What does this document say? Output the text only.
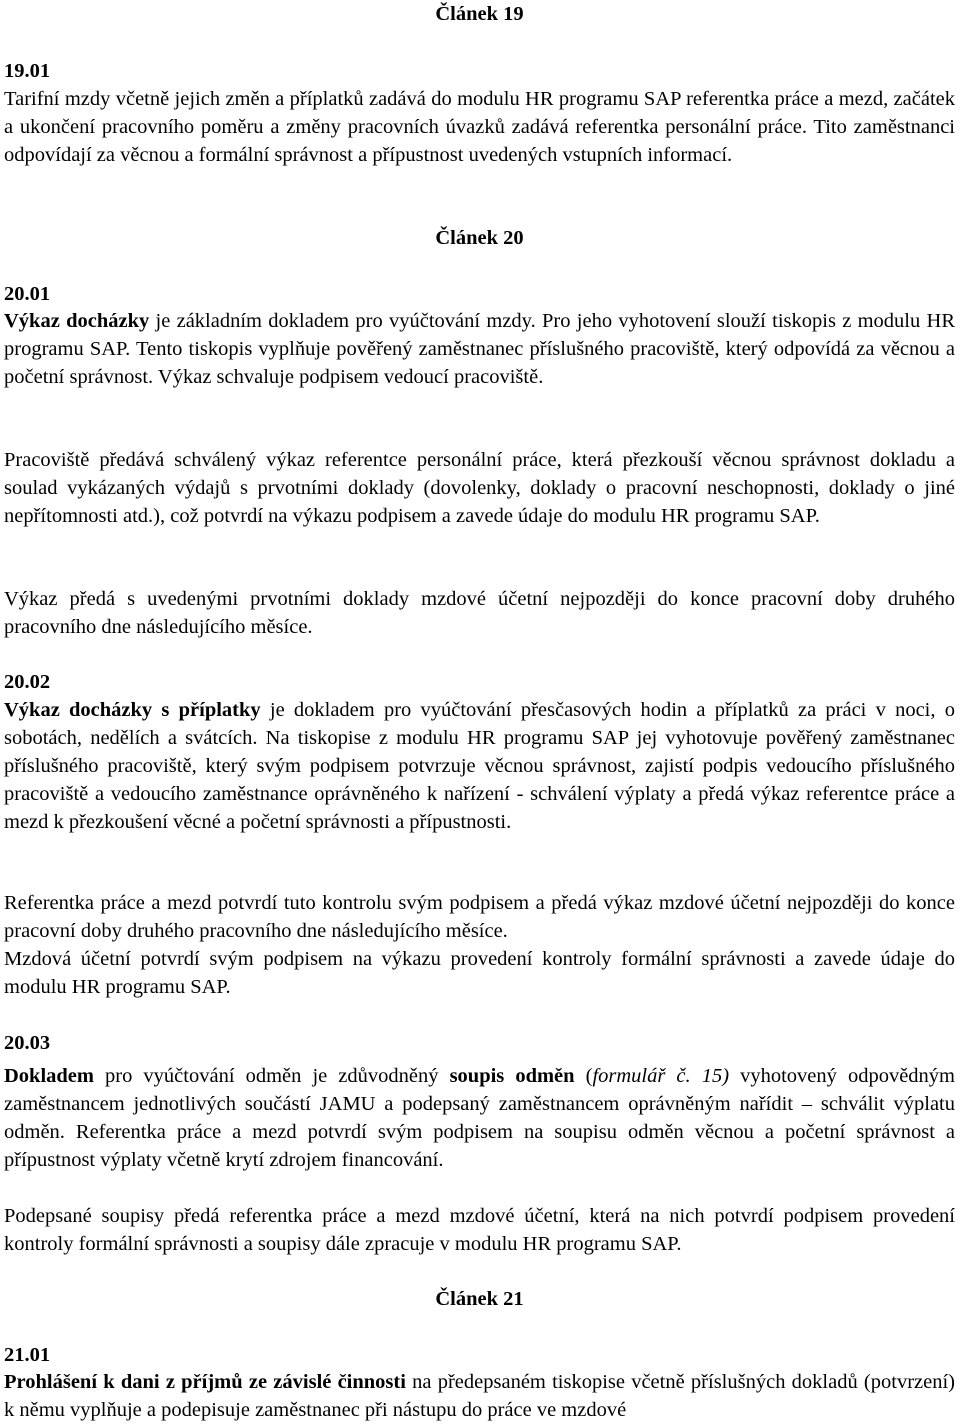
Článek 19
19.01
Tarifní mzdy včetně jejich změn a příplatků zadává do modulu HR programu SAP referentka práce a mezd, začátek a ukončení pracovního poměru a změny pracovních úvazků zadává referentka personální práce. Tito zaměstnanci odpovídají za věcnou a formální správnost a přípustnost uvedených vstupních informací.
Článek 20
20.01
Výkaz docházky je základním dokladem pro vyúčtování mzdy. Pro jeho vyhotovení slouží tiskopis z modulu HR programu SAP. Tento tiskopis vyplňuje pověřený zaměstnanec příslušného pracoviště, který odpovídá za věcnou a početní správnost. Výkaz schvaluje podpisem vedoucí pracoviště.
Pracoviště předává schválený výkaz referentce personální práce, která přezkouší věcnou správnost dokladu a soulad vykázaných výdajů s prvotními doklady (dovolenky, doklady o pracovní neschopnosti, doklady o jiné nepřítomnosti atd.), což potvrdí na výkazu podpisem a zavede údaje do modulu HR programu SAP.
Výkaz předá s uvedenými prvotními doklady mzdové účetní nejpozději do konce pracovní doby druhého pracovního dne následujícího měsíce.
20.02
Výkaz docházky s příplatky je dokladem pro vyúčtování přesčasových hodin a příplatků za práci v noci, o sobotách, nedělích a svátcích. Na tiskopise z modulu HR programu SAP jej vyhotovuje pověřený zaměstnanec příslušného pracoviště, který svým podpisem potvrzuje věcnou správnost, zajistí podpis vedoucího příslušného pracoviště a vedoucího zaměstnance oprávněného k nařízení - schválení výplaty a předá výkaz referentce práce a mezd k přezkoušení věcné a početní správnosti a přípustnosti.
Referentka práce a mezd potvrdí tuto kontrolu svým podpisem a předá výkaz mzdové účetní nejpozději do konce pracovní doby druhého pracovního dne následujícího měsíce.
Mzdová účetní potvrdí svým podpisem na výkazu provedení kontroly formální správnosti a zavede údaje do modulu HR programu SAP.
20.03
Dokladem pro vyúčtování odměn je zdůvodněný soupis odměn (formulář č. 15) vyhotovený odpovědným zaměstnancem jednotlivých součástí JAMU a podepsaný zaměstnancem oprávněným nařídit – schválit výplatu odměn. Referentka práce a mezd potvrdí svým podpisem na soupisu odměn věcnou a početní správnost a přípustnost výplaty včetně krytí zdrojem financování.
Podepsané soupisy předá referentka práce a mezd mzdové účetní, která na nich potvrdí podpisem provedení kontroly formální správnosti a soupisy dále zpracuje v modulu HR programu SAP.
Článek 21
21.01
Prohlášení k dani z příjmů ze závislé činnosti na předepsaném tiskopise včetně příslušných dokladů (potvrzení) k němu vyplňuje a podepisuje zaměstnanec při nástupu do práce ve mzdové
